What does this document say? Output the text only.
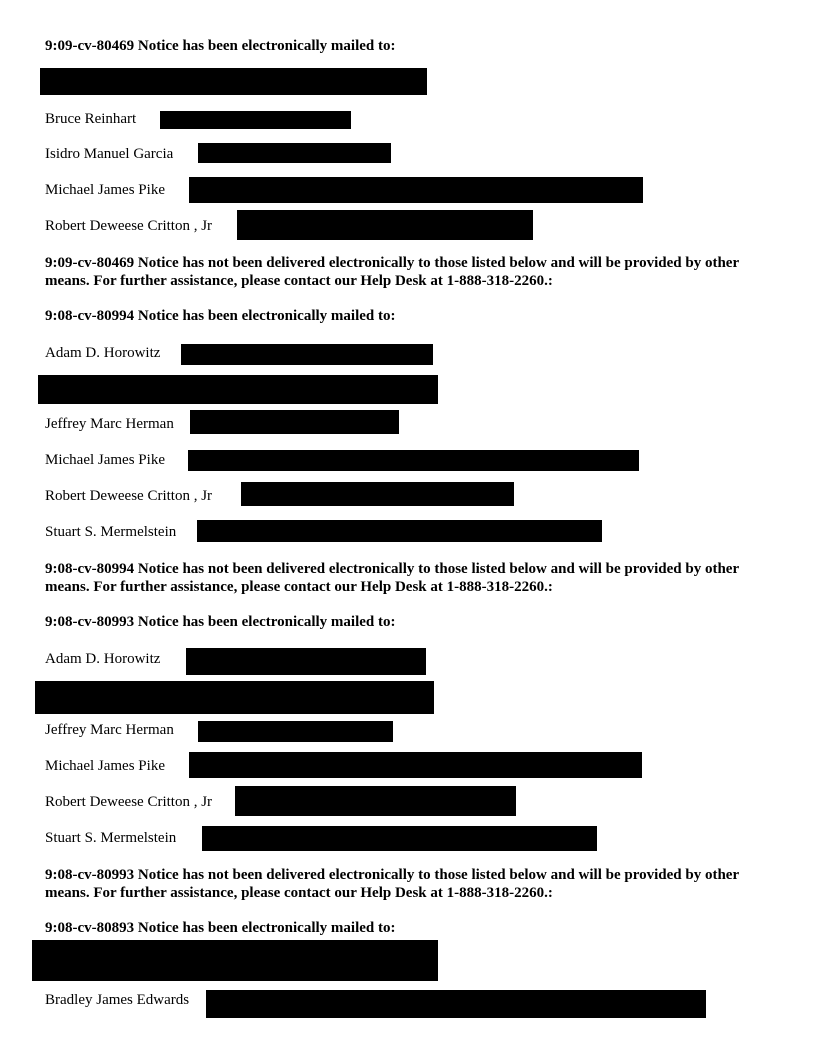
9:09-cv-80469 Notice has been electronically mailed to:

Bruce Reinhart
Isidro Manuel Garcia
Michael James Pike
Robert Deweese Critton , Jr

9:09-cv-80469 Notice has not been delivered electronically to those listed below and will be provided by other means. For further assistance, please contact our Help Desk at 1-888-318-2260.:

9:08-cv-80994 Notice has been electronically mailed to:

Adam D. Horowitz
Jeffrey Marc Herman
Michael James Pike
Robert Deweese Critton , Jr
Stuart S. Mermelstein

9:08-cv-80994 Notice has not been delivered electronically to those listed below and will be provided by other means. For further assistance, please contact our Help Desk at 1-888-318-2260.:

9:08-cv-80993 Notice has been electronically mailed to:

Adam D. Horowitz
Jeffrey Marc Herman
Michael James Pike
Robert Deweese Critton , Jr
Stuart S. Mermelstein

9:08-cv-80993 Notice has not been delivered electronically to those listed below and will be provided by other means. For further assistance, please contact our Help Desk at 1-888-318-2260.:

9:08-cv-80893 Notice has been electronically mailed to:

Bradley James Edwards
